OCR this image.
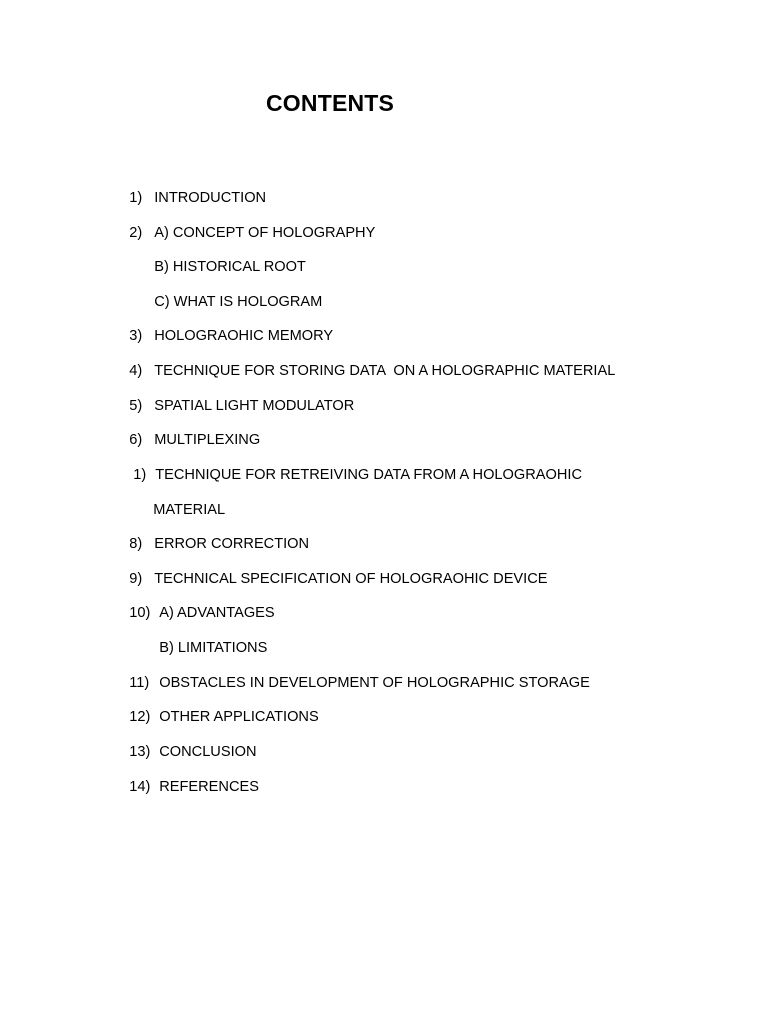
CONTENTS

1) INTRODUCTION

2) A) CONCEPT OF HOLOGRAPHY

B) HISTORICAL ROOT

C) WHAT IS HOLOGRAM

3) HOLOGRAOHIC MEMORY

4) TECHNIQUE FOR STORING DATA  ON A HOLOGRAPHIC MATERIAL

5) SPATIAL LIGHT MODULATOR

6) MULTIPLEXING

1) TECHNIQUE FOR RETREIVING DATA FROM A HOLOGRAOHIC

MATERIAL

8) ERROR CORRECTION

9) TECHNICAL SPECIFICATION OF HOLOGRAOHIC DEVICE

10) A) ADVANTAGES

B) LIMITATIONS

11) OBSTACLES IN DEVELOPMENT OF HOLOGRAPHIC STORAGE

12) OTHER APPLICATIONS

13) CONCLUSION

14) REFERENCES
